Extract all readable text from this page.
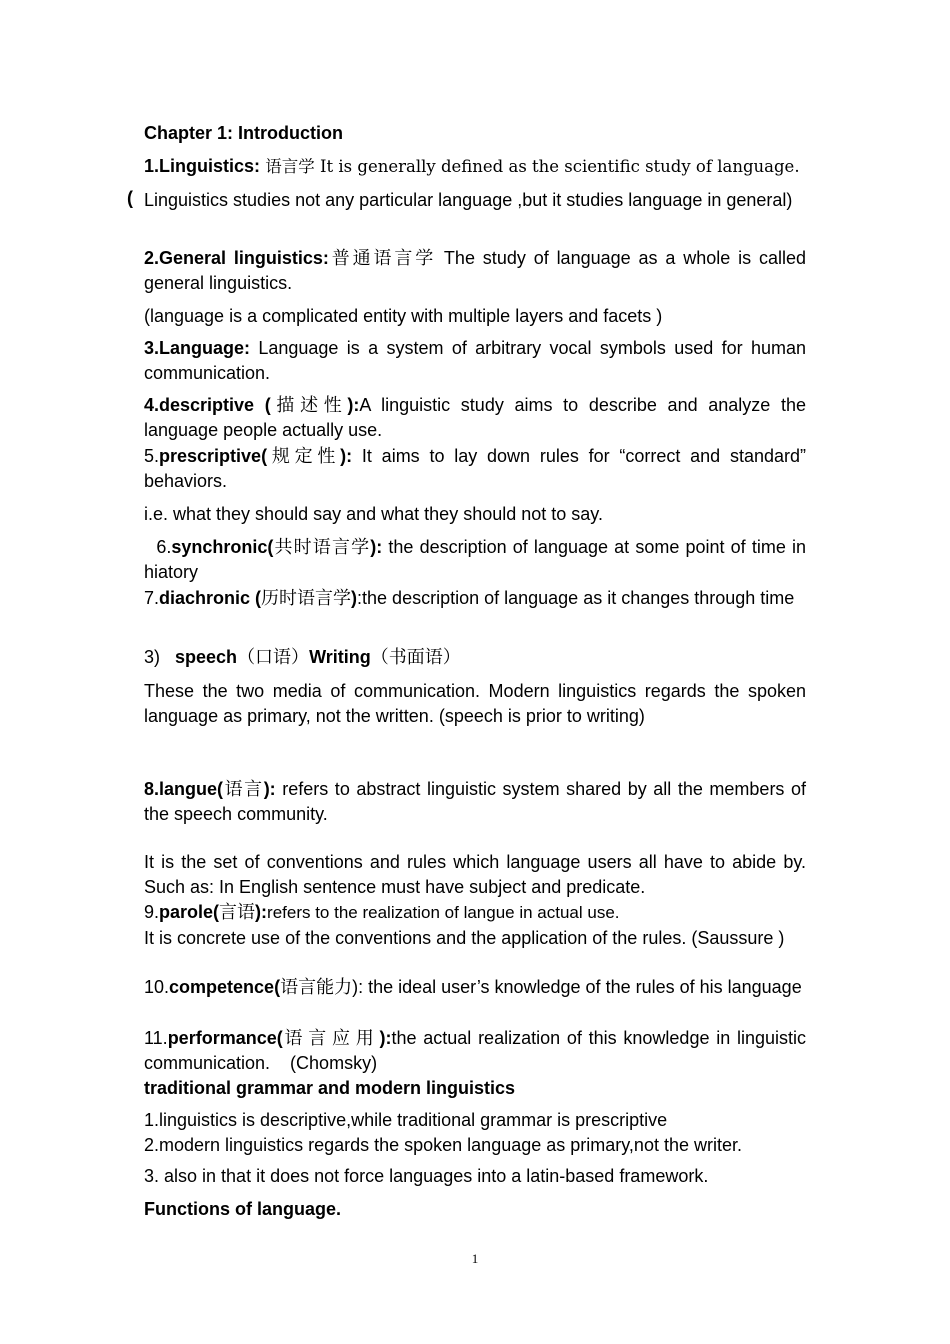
Chapter 1: Introduction

1.Linguistics: 语言学 It is generally defined as the scientific study of language.

( Linguistics studies not any particular language ,but it studies language in general)

2.General linguistics:普通语言学 The study of language as a whole is called general linguistics.

(language is a complicated entity with multiple layers and facets )

3.Language: Language is a system of arbitrary vocal symbols used for human communication.

4.descriptive (描述性):A linguistic study aims to describe and analyze the language people actually use.

5.prescriptive(规定性): It aims to lay down rules for “correct and standard” behaviors.

i.e. what they should say and what they should not to say.

6.synchronic(共时语言学): the description of language at some point of time in hiatory

7.diachronic (历时语言学):the description of language as it changes through time

3)   speech（口语）Writing（书面语）

These the two media of communication. Modern linguistics regards the spoken language as primary, not the written. (speech is prior to writing)

8.langue(语言): refers to abstract linguistic system shared by all the members of the speech community.

It is the set of conventions and rules which language users all have to abide by. Such as: In English sentence must have subject and predicate.

9.parole(言语):refers to the realization of langue in actual use.

It is concrete use of the conventions and the application of the rules. (Saussure )

10.competence(语言能力): the ideal user’s knowledge of the rules of his language

11.performance(语言应用):the actual realization of this knowledge in linguistic communication.    (Chomsky)

traditional grammar and modern linguistics

1.linguistics is descriptive,while traditional grammar is prescriptive

2.modern linguistics regards the spoken language as primary,not the writer.

3. also in that it does not force languages into a latin-based framework.

Functions of language.

1
